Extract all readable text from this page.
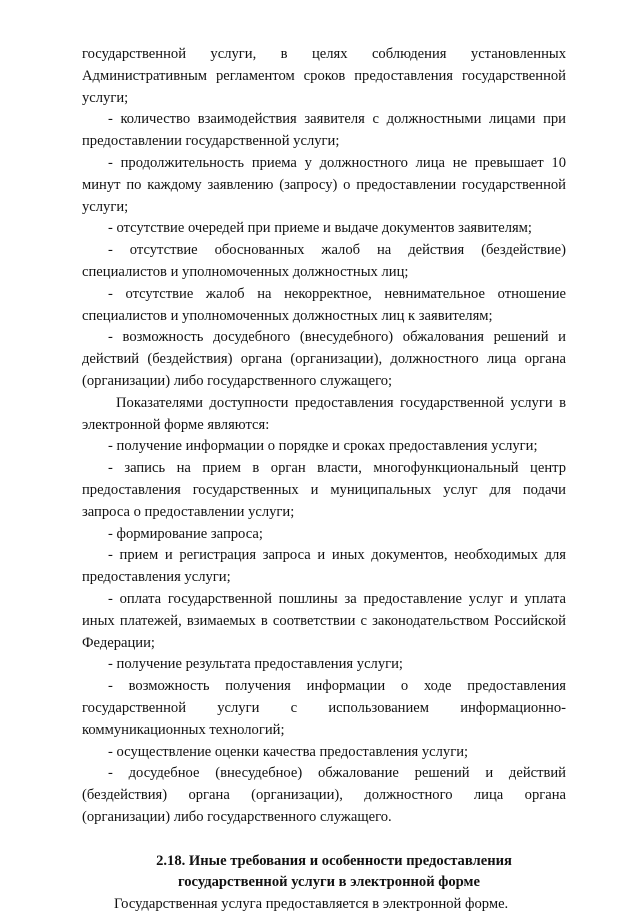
государственной услуги, в целях соблюдения установленных Административным регламентом сроков предоставления государственной услуги;

- количество взаимодействия заявителя с должностными лицами при предоставлении государственной услуги;

- продолжительность приема у должностного лица не превышает 10 минут по каждому заявлению (запросу) о предоставлении государственной услуги;

- отсутствие очередей при приеме и выдаче документов заявителям;

- отсутствие обоснованных жалоб на действия (бездействие) специалистов и уполномоченных должностных лиц;

- отсутствие жалоб на некорректное, невнимательное отношение специалистов и уполномоченных должностных лиц к заявителям;

- возможность досудебного (внесудебного) обжалования решений и действий (бездействия) органа (организации), должностного лица органа (организации) либо государственного служащего;

Показателями доступности предоставления государственной услуги в электронной форме являются:

- получение информации о порядке и сроках предоставления услуги;

- запись на прием в орган власти, многофункциональный центр предоставления государственных и муниципальных услуг для подачи запроса о предоставлении услуги;

- формирование запроса;

- прием и регистрация запроса и иных документов, необходимых для предоставления услуги;

- оплата государственной пошлины за предоставление услуг и уплата иных платежей, взимаемых в соответствии с законодательством Российской Федерации;

- получение результата предоставления услуги;

- возможность получения информации о ходе предоставления государственной услуги с использованием информационно-коммуникационных технологий;

- осуществление оценки качества предоставления услуги;

- досудебное (внесудебное) обжалование решений и действий (бездействия) органа (организации), должностного лица органа (организации) либо государственного служащего.

2.18. Иные требования и особенности предоставления
государственной услуги в электронной форме

Государственная услуга предоставляется в электронной форме.
